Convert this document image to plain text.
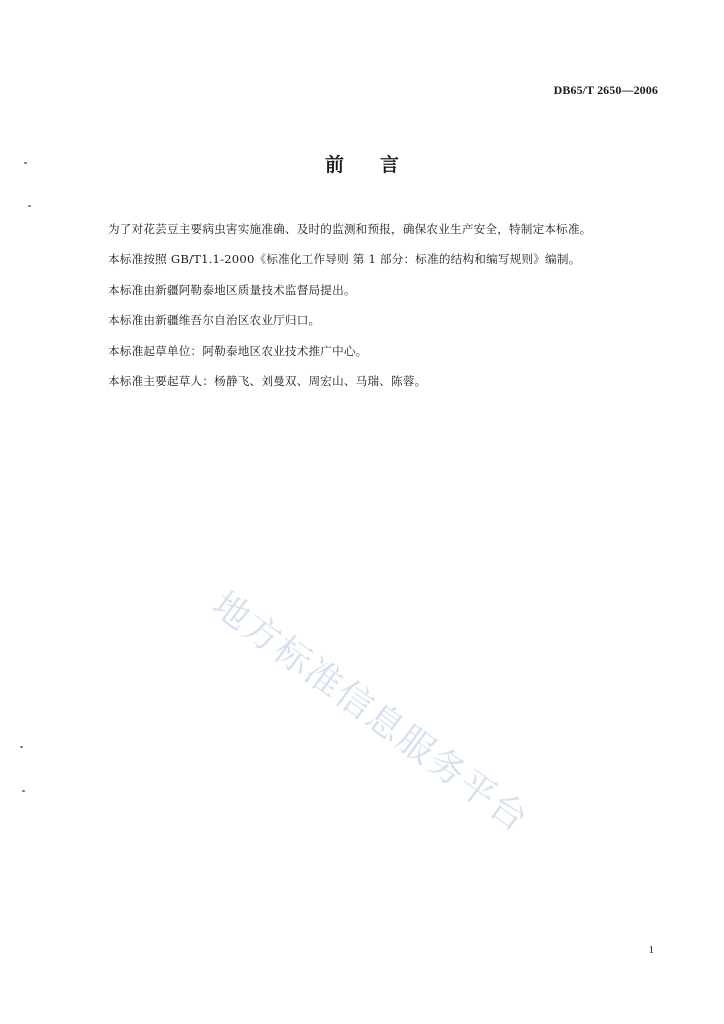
DB65/T 2650—2006
前 言
为了对花芸豆主要病虫害实施准确、及时的监测和预报，确保农业生产安全，特制定本标准。
本标准按照 GB/T1.1-2000《标准化工作导则 第 1 部分：标准的结构和编写规则》编制。
本标准由新疆阿勒泰地区质量技术监督局提出。
本标准由新疆维吾尔自治区农业厅归口。
本标准起草单位：阿勒泰地区农业技术推广中心。
本标准主要起草人：杨静飞、刘曼双、周宏山、马瑞、陈蓉。
地方标准信息服务平台
1
